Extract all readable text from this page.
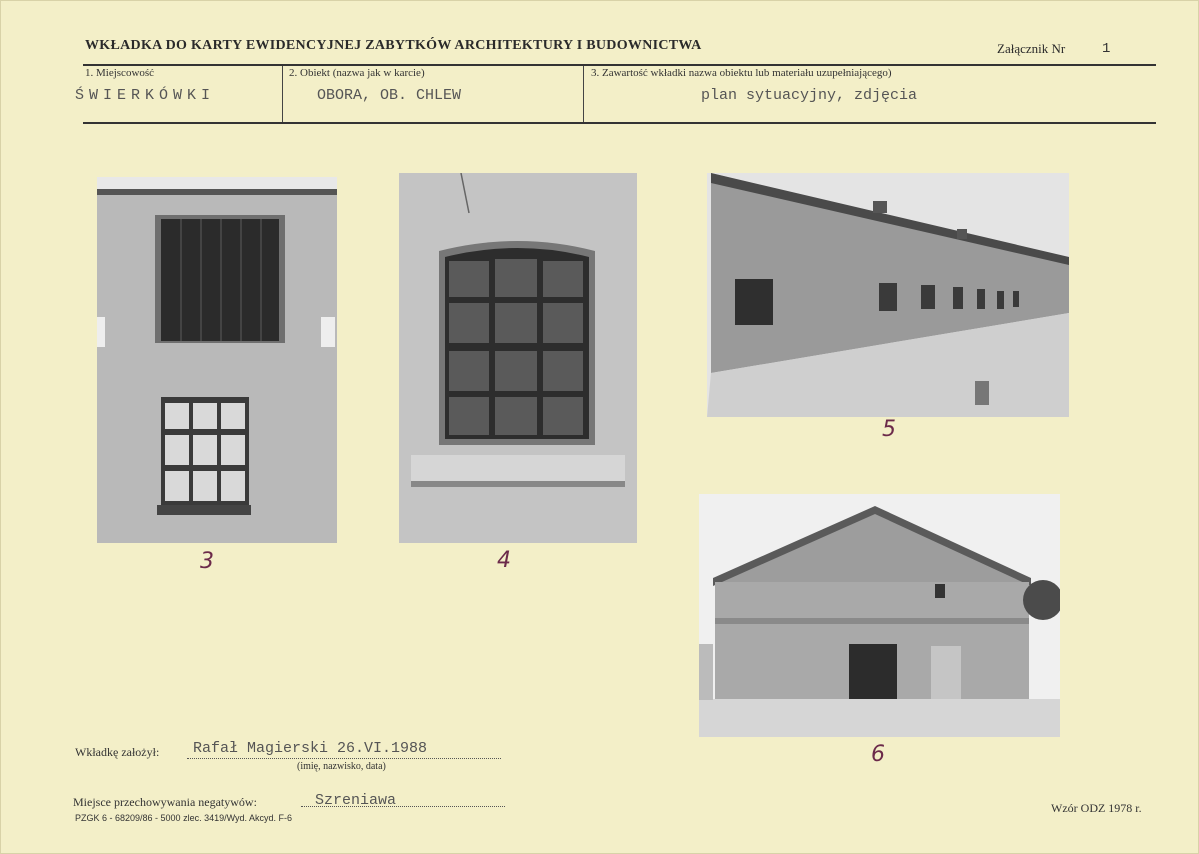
WKŁADKA DO KARTY EWIDENCYJNEJ ZABYTKÓW ARCHITEKTURY I BUDOWNICTWA	Załącznik Nr	1
1. Miejscowość
ŚWIERKÓWKI
2. Obiekt (nazwa jak w karcie)
OBORA, OB. CHLEW
3. Zawartość wkładki nazwa obiektu lub materiału uzupełniającego)
plan sytuacyjny, zdjęcia
3	4
5
6
Wkładkę założył: Rafał Magierski 26.VI.1988
(imię, nazwisko, data)
Miejsce przechowywania negatywów:	Szreniawa
PZGK 6 - 68209/86 - 5000 zlec. 3419/Wyd. Akcyd. F-6
Wzór ODZ 1978 r.
